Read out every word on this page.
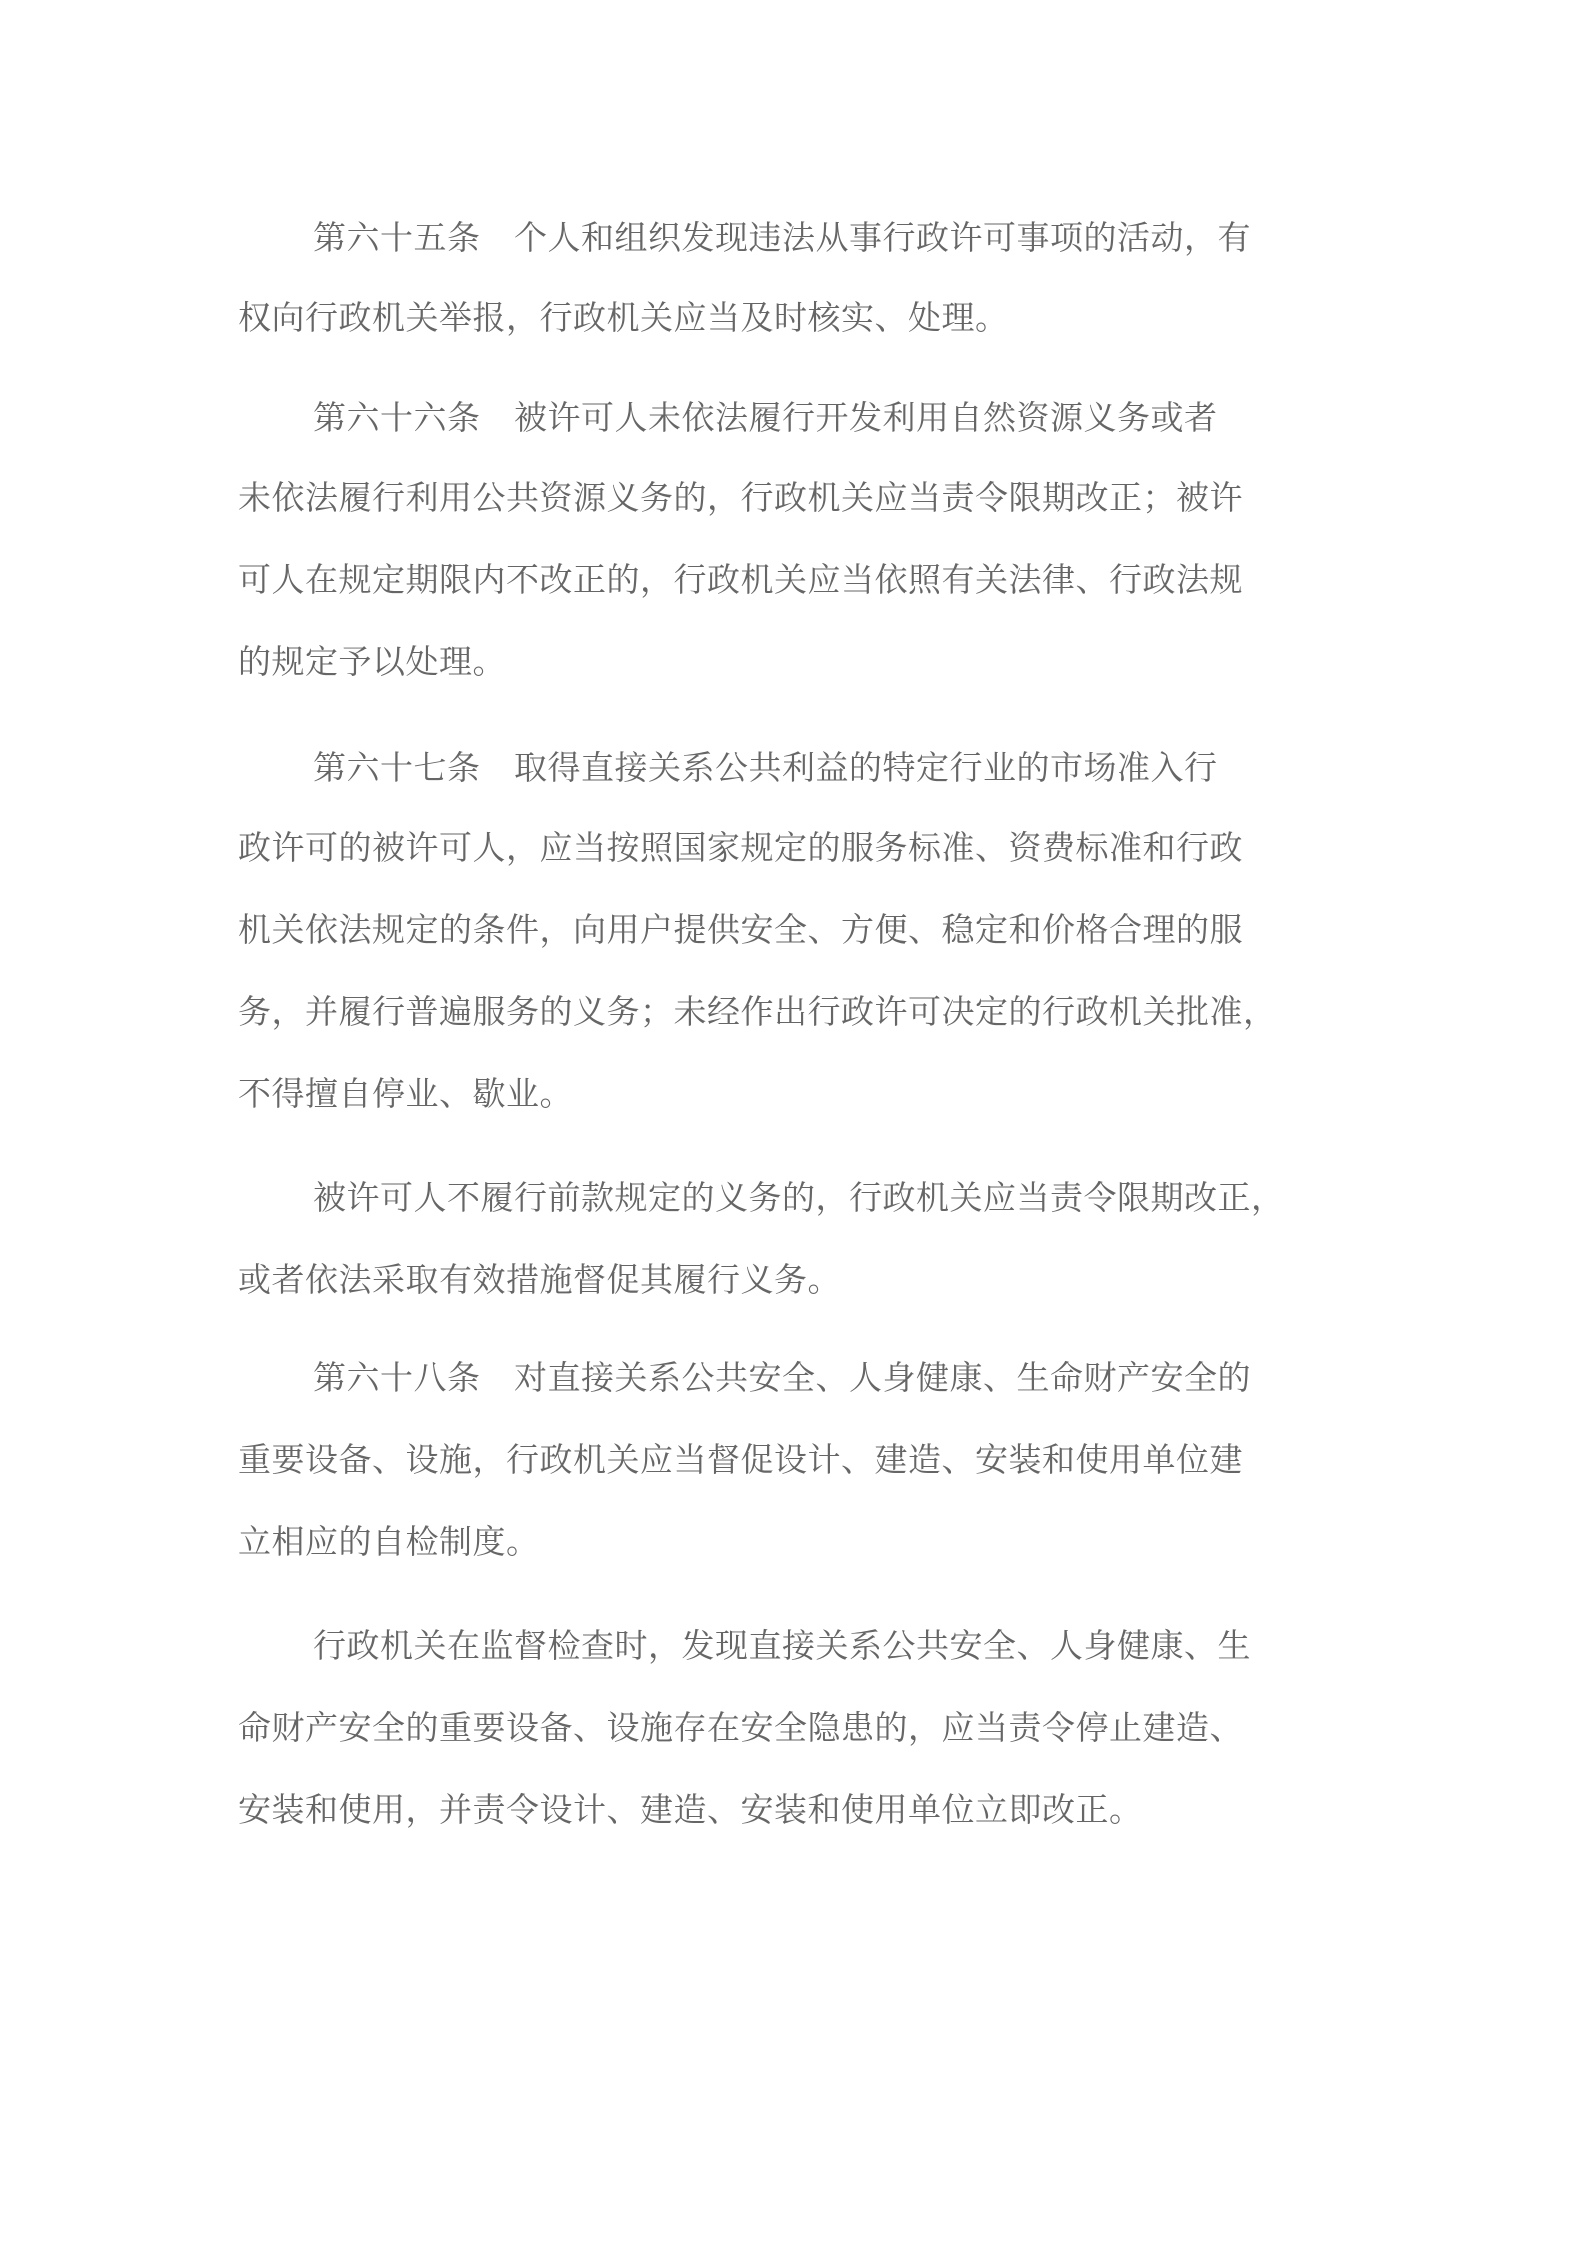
第六十五条　个人和组织发现违法从事行政许可事项的活动，有
权向行政机关举报，行政机关应当及时核实、处理。
第六十六条　被许可人未依法履行开发利用自然资源义务或者
未依法履行利用公共资源义务的，行政机关应当责令限期改正；被许
可人在规定期限内不改正的，行政机关应当依照有关法律、行政法规
的规定予以处理。
第六十七条　取得直接关系公共利益的特定行业的市场准入行
政许可的被许可人，应当按照国家规定的服务标准、资费标准和行政
机关依法规定的条件，向用户提供安全、方便、稳定和价格合理的服
务，并履行普遍服务的义务；未经作出行政许可决定的行政机关批准，
不得擅自停业、歇业。
被许可人不履行前款规定的义务的，行政机关应当责令限期改正，
或者依法采取有效措施督促其履行义务。
第六十八条　对直接关系公共安全、人身健康、生命财产安全的
重要设备、设施，行政机关应当督促设计、建造、安装和使用单位建
立相应的自检制度。
行政机关在监督检查时，发现直接关系公共安全、人身健康、生
命财产安全的重要设备、设施存在安全隐患的，应当责令停止建造、
安装和使用，并责令设计、建造、安装和使用单位立即改正。
